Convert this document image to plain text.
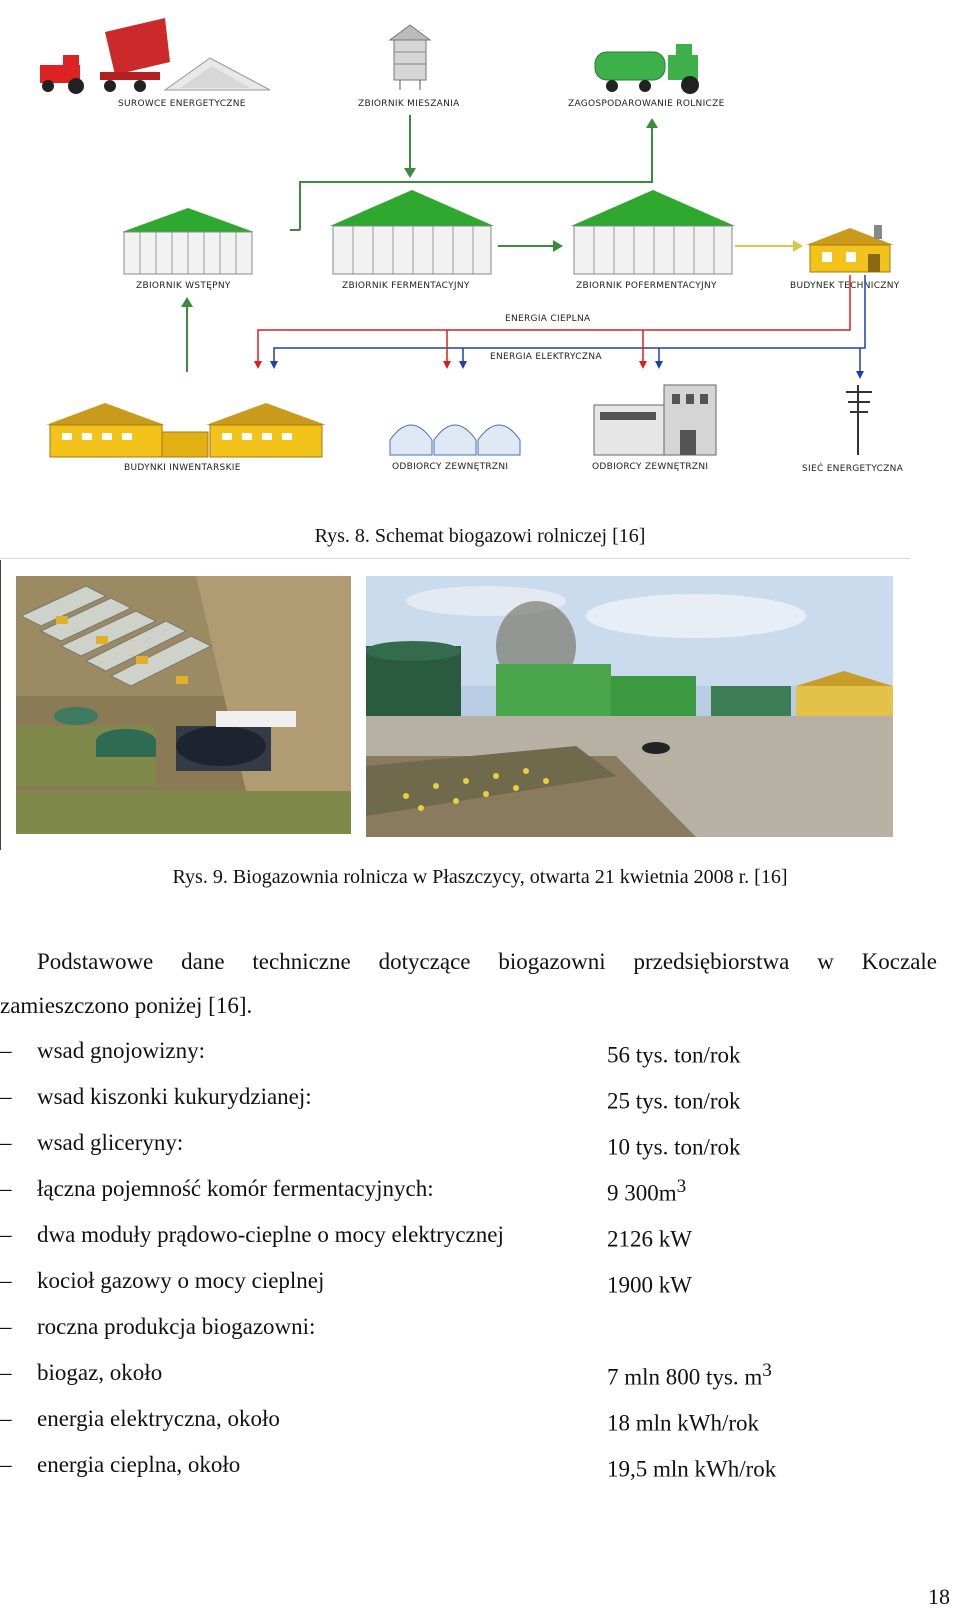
SUROWCE ENERGETYCZNE	ZBIORNIK MIESZANIA	ZAGOSPODAROWANIE ROLNICZE
ZBIORNIK WSTĘPNY	ZBIORNIK FERMENTACYJNY	ZBIORNIK POFERMENTACYJNY	BUDYNEK TECHNICZNY
ENERGIA CIEPLNA
ENERGIA ELEKTRYCZNA
BUDYNKI INWENTARSKIE	ODBIORCY ZEWNĘTRZNI	ODBIORCY ZEWNĘTRZNI	SIEĆ ENERGETYCZNA
Rys. 8. Schemat biogazowi rolniczej [16]
Rys. 9. Biogazownia rolnicza w Płaszczycy, otwarta 21 kwietnia 2008 r. [16]
Podstawowe dane techniczne dotyczące biogazowni przedsiębiorstwa w Koczale
zamieszczono poniżej [16].
– wsad gnojowizny:	56 tys. ton/rok
– wsad kiszonki kukurydzianej:	25 tys. ton/rok
– wsad gliceryny:	10 tys. ton/rok
– łączna pojemność komór fermentacyjnych:	9 $300m^3$
– dwa moduły prądowo-cieplne o mocy elektrycznej	2126 kW
– kocioł gazowy o mocy cieplnej	1900 kW
– roczna produkcja biogazowni:
– biogaz, około	7 mln 800 tys. $m^3$
– energia elektryczna, około	18 mln kWh/rok
– energia cieplna, około	19,5 mln kWh/rok
18
